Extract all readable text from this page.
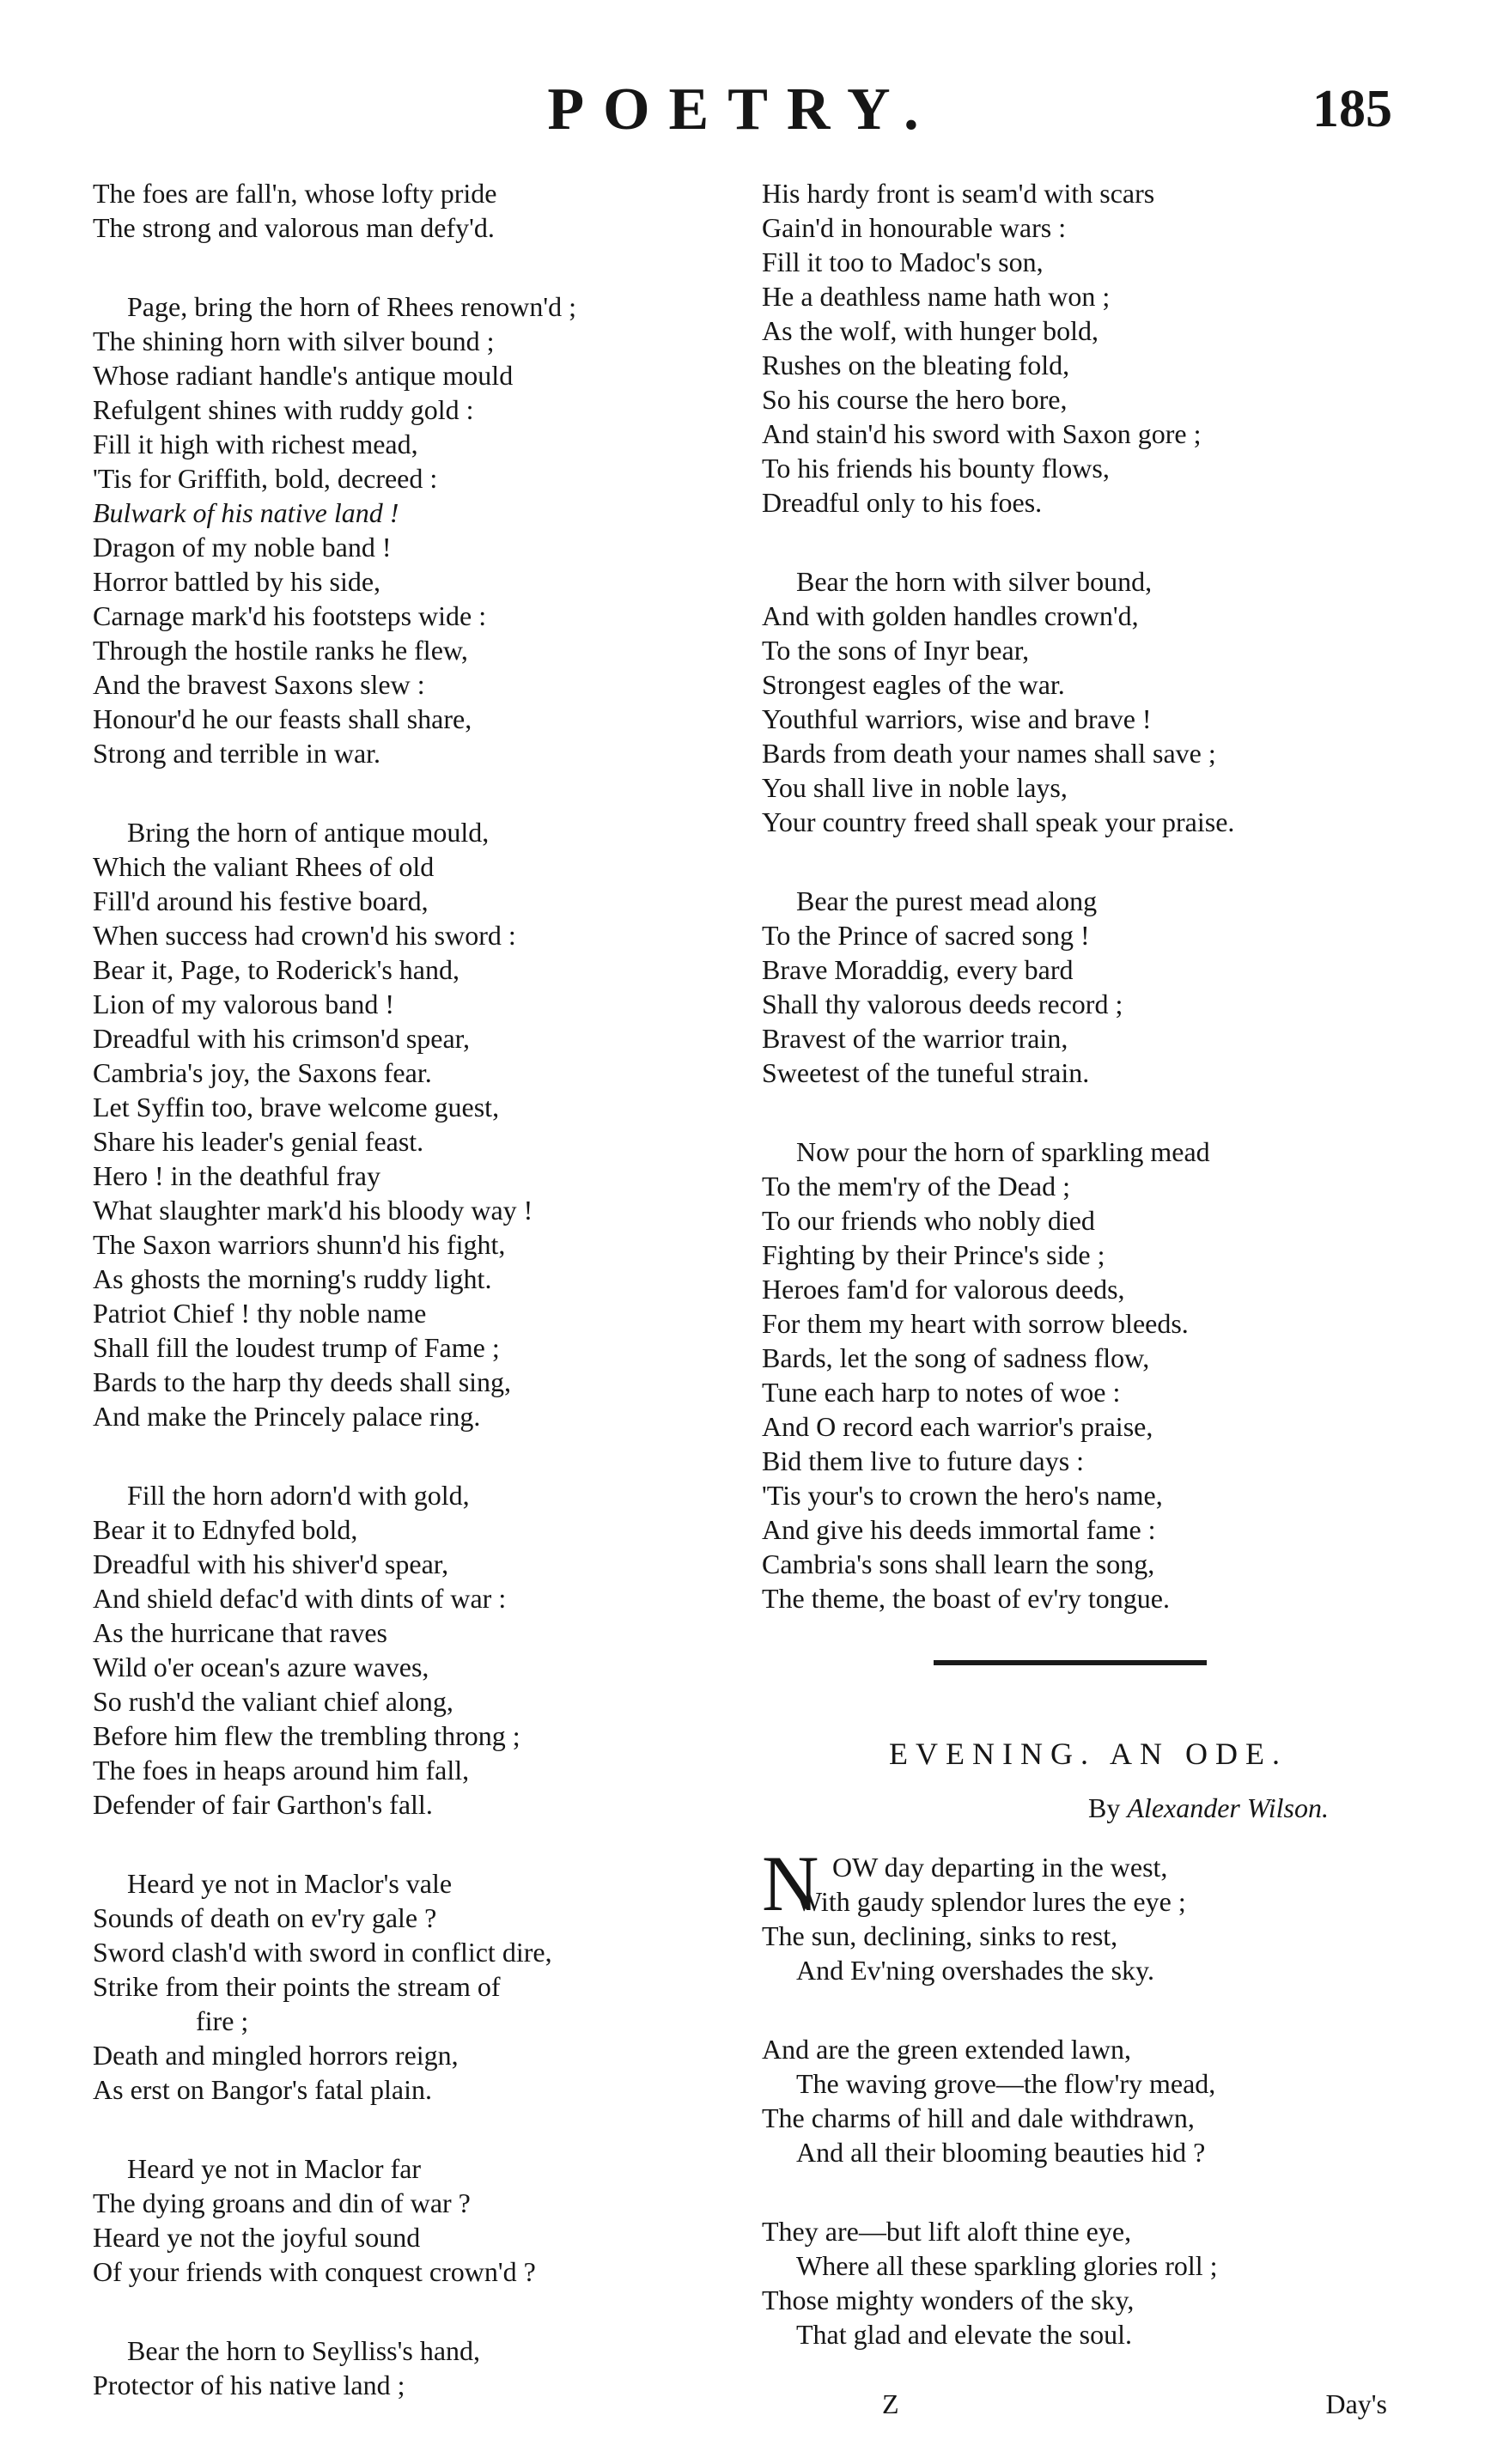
POETRY.	185
The foes are fall'n, whose lofty pride
The strong and valorous man defy'd.
Page, bring the horn of Rhees renown'd ;
The shining horn with silver bound ;
Whose radiant handle's antique mould
Refulgent shines with ruddy gold :
Fill it high with richest mead,
'Tis for Griffith, bold, decreed :
Bulwark of his native land !
Dragon of my noble band !
Horror battled by his side,
Carnage mark'd his footsteps wide :
Through the hostile ranks he flew,
And the bravest Saxons slew :
Honour'd he our feasts shall share,
Strong and terrible in war.
Bring the horn of antique mould,
Which the valiant Rhees of old
Fill'd around his festive board,
When success had crown'd his sword :
Bear it, Page, to Roderick's hand,
Lion of my valorous band !
Dreadful with his crimson'd spear,
Cambria's joy, the Saxons fear.
Let Syffin too, brave welcome guest,
Share his leader's genial feast.
Hero ! in the deathful fray
What slaughter mark'd his bloody way !
The Saxon warriors shunn'd his fight,
As ghosts the morning's ruddy light.
Patriot Chief ! thy noble name
Shall fill the loudest trump of Fame ;
Bards to the harp thy deeds shall sing,
And make the Princely palace ring.
Fill the horn adorn'd with gold,
Bear it to Ednyfed bold,
Dreadful with his shiver'd spear,
And shield defac'd with dints of war :
As the hurricane that raves
Wild o'er ocean's azure waves,
So rush'd the valiant chief along,
Before him flew the trembling throng ;
The foes in heaps around him fall,
Defender of fair Garthon's fall.
Heard ye not in Maclor's vale
Sounds of death on ev'ry gale ?
Sword clash'd with sword in conflict dire,
Strike from their points the stream of
fire ;
Death and mingled horrors reign,
As erst on Bangor's fatal plain.
Heard ye not in Maclor far
The dying groans and din of war ?
Heard ye not the joyful sound
Of your friends with conquest crown'd ?
Bear the horn to Seylliss's hand,
Protector of his native land ;
His hardy front is seam'd with scars
Gain'd in honourable wars :
Fill it too to Madoc's son,
He a deathless name hath won ;
As the wolf, with hunger bold,
Rushes on the bleating fold,
So his course the hero bore,
And stain'd his sword with Saxon gore ;
To his friends his bounty flows,
Dreadful only to his foes.
Bear the horn with silver bound,
And with golden handles crown'd,
To the sons of Inyr bear,
Strongest eagles of the war.
Youthful warriors, wise and brave !
Bards from death your names shall save ;
You shall live in noble lays,
Your country freed shall speak your praise.
Bear the purest mead along
To the Prince of sacred song !
Brave Moraddig, every bard
Shall thy valorous deeds record ;
Bravest of the warrior train,
Sweetest of the tuneful strain.
Now pour the horn of sparkling mead
To the mem'ry of the Dead ;
To our friends who nobly died
Fighting by their Prince's side ;
Heroes fam'd for valorous deeds,
For them my heart with sorrow bleeds.
Bards, let the song of sadness flow,
Tune each harp to notes of woe :
And O record each warrior's praise,
Bid them live to future days :
'Tis your's to crown the hero's name,
And give his deeds immortal fame :
Cambria's sons shall learn the song,
The theme, the boast of ev'ry tongue.
EVENING. AN ODE.
By Alexander Wilson.
N OW day departing in the west,
With gaudy splendor lures the eye ;
The sun, declining, sinks to rest,
And Ev'ning overshades the sky.
And are the green extended lawn,
The waving grove—the flow'ry mead,
The charms of hill and dale withdrawn,
And all their blooming beauties hid ?
They are—but lift aloft thine eye,
Where all these sparkling glories roll ;
Those mighty wonders of the sky,
That glad and elevate the soul.
Z	Day's
